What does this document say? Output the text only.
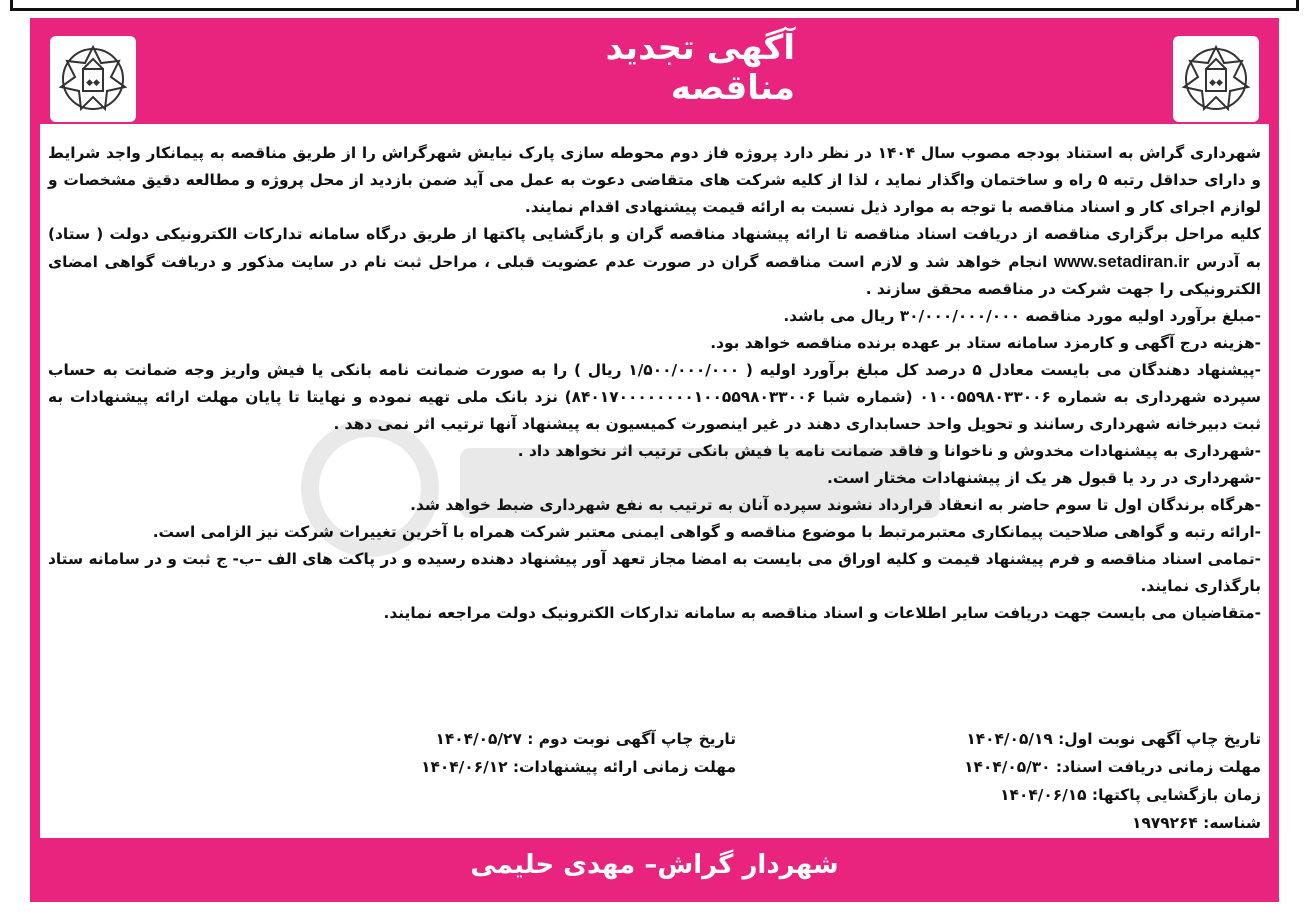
◆◆
آگهی تجدید مناقصه	◆◆

شهرداری گراش به استناد بودجه مصوب سال ۱۴۰۴ در نظر دارد پروژه فاز دوم محوطه سازی پارک نیایش شهرگراش را از طریق مناقصه به پیمانکار واجد شرایط و دارای حداقل رتبه ۵ راه و ساختمان واگذار نماید ، لذا از کلیه شرکت های متقاضی دعوت به عمل می آید ضمن بازدید از محل پروژه و مطالعه دقیق مشخصات و لوازم اجرای کار و اسناد مناقصه با توجه به موارد ذیل نسبت به ارائه قیمت پیشنهادی اقدام نمایند.

کلیه مراحل برگزاری مناقصه از دریافت اسناد مناقصه تا ارائه پیشنهاد مناقصه گران و بازگشایی پاکتها از طریق درگاه سامانه تدارکات الکترونیکی دولت ( ستاد) به آدرس www.setadiran.ir انجام خواهد شد و لازم است مناقصه گران در صورت عدم عضویت قبلی ، مراحل ثبت نام در سایت مذکور و دریافت گواهی امضای الکترونیکی را جهت شرکت در مناقصه محقق سازند .

-مبلغ برآورد اولیه مورد مناقصه ۳۰/۰۰۰/۰۰۰/۰۰۰ ریال می باشد.

-هزینه درج آگهی و کارمزد سامانه ستاد بر عهده برنده مناقصه خواهد بود.

-پیشنهاد دهندگان می بایست معادل ۵ درصد کل مبلغ برآورد اولیه ( ۱/۵۰۰/۰۰۰/۰۰۰ ریال ) را به صورت ضمانت نامه بانکی یا فیش واریز وجه ضمانت به حساب سپرده شهرداری به شماره ۰۱۰۰۵۵۹۸۰۳۳۰۰۶ (شماره شبا ۸۴۰۱۷۰۰۰۰۰۰۰۰۱۰۰۵۵۹۸۰۳۳۰۰۶) نزد بانک ملی تهیه نموده و نهایتا تا پایان مهلت ارائه پیشنهادات به ثبت دبیرخانه شهرداری رسانند و تحویل واحد حسابداری دهند در غیر اینصورت کمیسیون به پیشنهاد آنها ترتیب اثر نمی دهد .

-شهرداری به پیشنهادات مخدوش و ناخوانا و فاقد ضمانت نامه یا فیش بانکی ترتیب اثر نخواهد داد .

-شهرداری در رد یا قبول هر یک از پیشنهادات مختار است.

-هرگاه برندگان اول تا سوم حاضر به انعقاد قرارداد نشوند سپرده آنان به ترتیب به نفع شهرداری ضبط خواهد شد.

-ارائه رتبه و گواهی صلاحیت پیمانکاری معتبرمرتبط با موضوع مناقصه و گواهی ایمنی معتبر شرکت همراه با آخرین تغییرات شرکت نیز الزامی است.

-تمامی اسناد مناقصه و فرم پیشنهاد قیمت و کلیه اوراق می بایست به امضا مجاز تعهد آور پیشنهاد دهنده رسیده و در پاکت های الف –ب- ج ثبت و در سامانه ستاد بارگذاری نمایند.

-متقاضیان می بایست جهت دریافت سایر اطلاعات و اسناد مناقصه به سامانه تدارکات الکترونیک دولت مراجعه نمایند.

تاریخ چاپ آگهی نوبت اول: ۱۴۰۴/۰۵/۱۹
تاریخ چاپ آگهی نوبت دوم : ۱۴۰۴/۰۵/۲۷
مهلت زمانی دریافت اسناد: ۱۴۰۴/۰۵/۳۰
مهلت زمانی ارائه پیشنهادات: ۱۴۰۴/۰۶/۱۲
زمان بازگشایی پاکتها: ۱۴۰۴/۰۶/۱۵
شناسه: ۱۹۷۹۲۶۴
شهردار گراش– مهدی حلیمی
